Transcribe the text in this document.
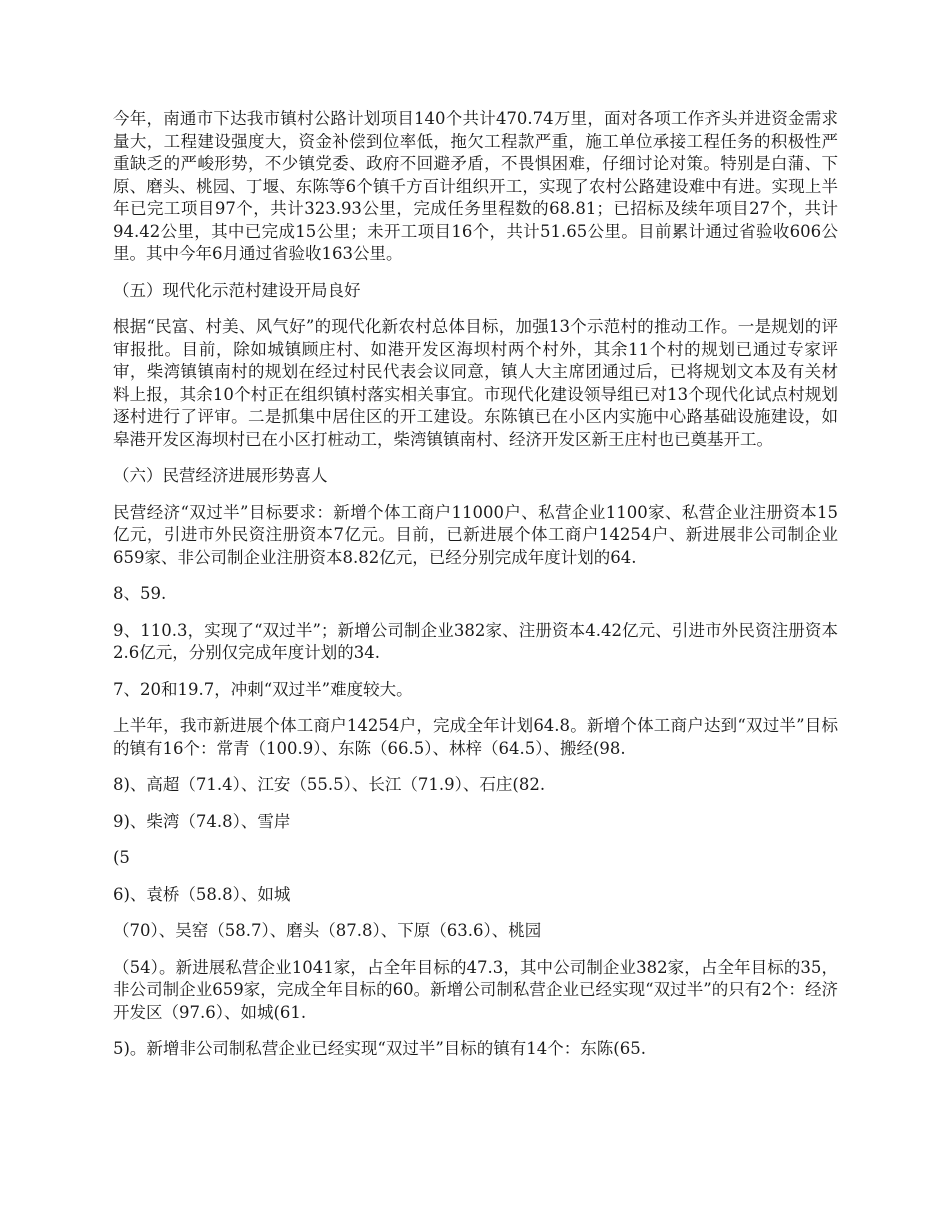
今年，南通市下达我市镇村公路计划项目140个共计470.74万里，面对各项工作齐头并进资金需求量大，工程建设强度大，资金补偿到位率低，拖欠工程款严重，施工单位承接工程任务的积极性严重缺乏的严峻形势，不少镇党委、政府不回避矛盾，不畏惧困难，仔细讨论对策。特别是白蒲、下原、磨头、桃园、丁堰、东陈等6个镇千方百计组织开工，实现了农村公路建设难中有进。实现上半年已完工项目97个，共计323.93公里，完成任务里程数的68.81；已招标及续年项目27个，共计94.42公里，其中已完成15公里；未开工项目16个，共计51.65公里。目前累计通过省验收606公里。其中今年6月通过省验收163公里。

（五）现代化示范村建设开局良好

根据“民富、村美、风气好”的现代化新农村总体目标，加强13个示范村的推动工作。一是规划的评审报批。目前，除如城镇顾庄村、如港开发区海坝村两个村外，其余11个村的规划已通过专家评审，柴湾镇镇南村的规划在经过村民代表会议同意，镇人大主席团通过后，已将规划文本及有关材料上报，其余10个村正在组织镇村落实相关事宜。市现代化建设领导组已对13个现代化试点村规划逐村进行了评审。二是抓集中居住区的开工建设。东陈镇已在小区内实施中心路基础设施建设，如皋港开发区海坝村已在小区打桩动工，柴湾镇镇南村、经济开发区新王庄村也已奠基开工。

（六）民营经济进展形势喜人

民营经济“双过半”目标要求：新增个体工商户11000户、私营企业1100家、私营企业注册资本15亿元，引进市外民资注册资本7亿元。目前，已新进展个体工商户14254户、新进展非公司制企业659家、非公司制企业注册资本8.82亿元，已经分别完成年度计划的64.

8、59.

9、110.3，实现了“双过半”；新增公司制企业382家、注册资本4.42亿元、引进市外民资注册资本2.6亿元，分别仅完成年度计划的34.

7、20和19.7，冲刺“双过半”难度较大。

上半年，我市新进展个体工商户14254户，完成全年计划64.8。新增个体工商户达到“双过半”目标的镇有16个：常青（100.9）、东陈（66.5）、林梓（64.5）、搬经(98.

8)、高超（71.4）、江安（55.5）、长江（71.9）、石庄(82.

9)、柴湾（74.8）、雪岸

(5

6)、袁桥（58.8）、如城

（70）、吴窑（58.7）、磨头（87.8）、下原（63.6）、桃园

（54）。新进展私营企业1041家，占全年目标的47.3，其中公司制企业382家，占全年目标的35，非公司制企业659家，完成全年目标的60。新增公司制私营企业已经实现“双过半”的只有2个：经济开发区（97.6）、如城(61.

5)。新增非公司制私营企业已经实现“双过半”目标的镇有14个：东陈(65.
